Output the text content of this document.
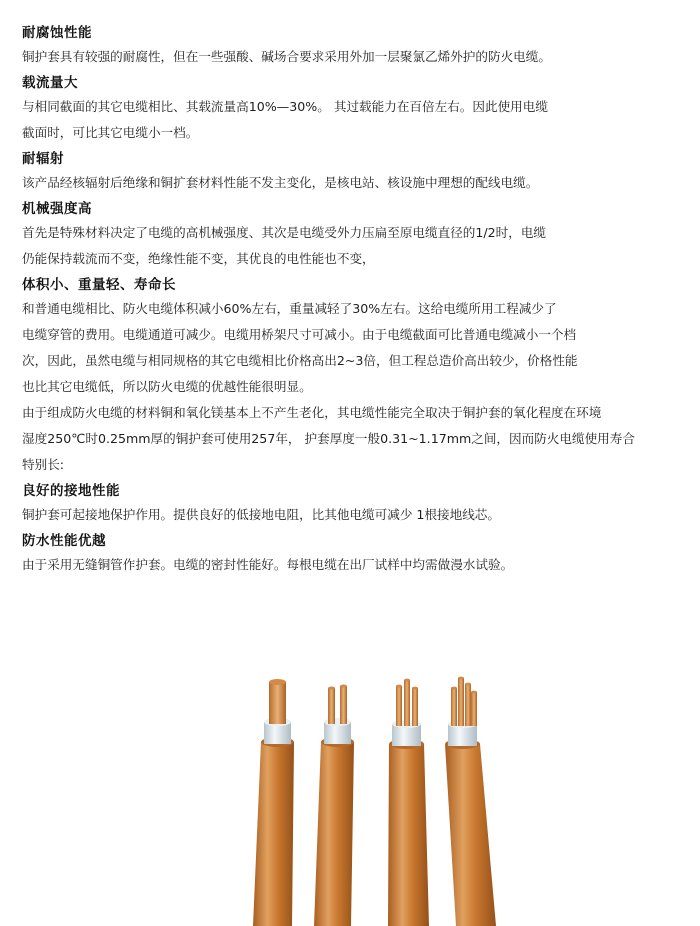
耐腐蚀性能

铜护套具有较强的耐腐性，但在一些强酸、碱场合要求采用外加一层聚氯乙烯外护的防火电缆。

载流量大

与相同截面的其它电缆相比、其载流量高10%—30%。 其过载能力在百倍左右。因此使用电缆

截面时，可比其它电缆小一档。

耐辐射

该产品经核辐射后绝缘和铜扩套材料性能不发主变化，是核电站、核设施中理想的配线电缆。

机械强度高

首先是特殊材料决定了电缆的高机械强度、其次是电缆受外力压扁至原电缆直径的1/2时，电缆

仍能保持载流而不变，绝缘性能不变，其优良的电性能也不变，

体积小、重量轻、寿命长

和普通电缆相比、防火电缆体积减小60%左右，重量减轻了30%左右。这给电缆所用工程减少了

电缆穿管的费用。电缆通道可减少。电缆用桥架尺寸可减小。由于电缆截面可比普通电缆减小一个档

次，因此，虽然电缆与相同规格的其它电缆相比价格高出2~3倍，但工程总造价高出较少，价格性能

也比其它电缆低，所以防火电缆的优越性能很明显。

由于组成防火电缆的材料铜和氧化镁基本上不产生老化，其电缆性能完全取决于铜护套的氧化程度在环境

湿度250℃时0.25mm厚的铜护套可使用257年， 护套厚度一般0.31~1.17mm之间，因而防火电缆使用寿合

特别长:

良好的接地性能

铜护套可起接地保护作用。提供良好的低接地电阻，比其他电缆可减少 1根接地线芯。

防水性能优越

由于采用无缝铜管作护套。电缆的密封性能好。每根电缆在出厂试样中均需做漫水试验。
